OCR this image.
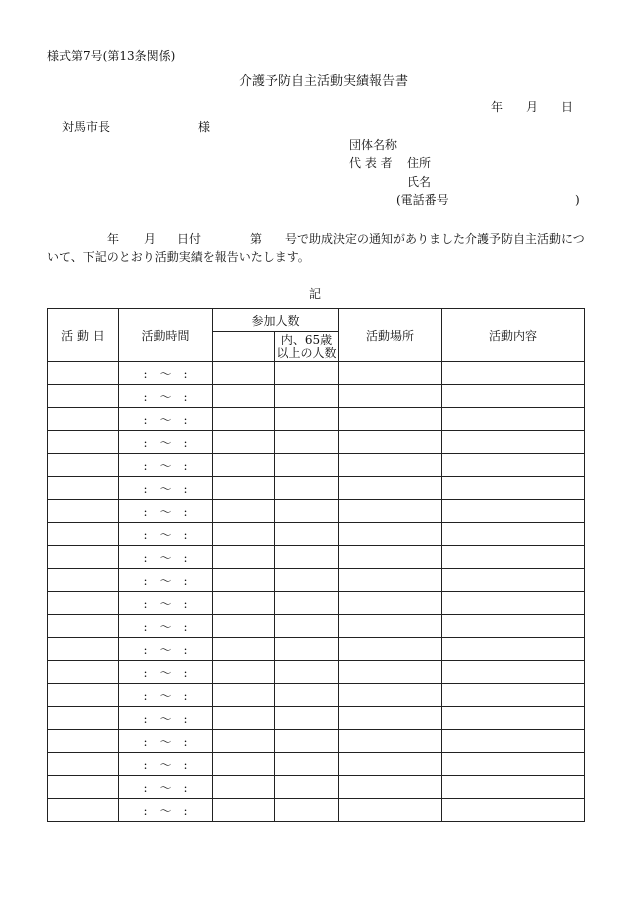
様式第7号(第13条関係)
介護予防自主活動実績報告書
年 月 日
対馬市長	様
団体名称
代 表 者 住所
氏名
(電話番号	)
年 月 日付	第 号で助成決定の通知がありました介護予防自主活動につ
いて、下記のとおり活動実績を報告いたします。
記
活 動 日	活動時間	参加人数		活動場所	活動内容
			内、65歳
以上の人数		
	: 〜 :				
	: 〜 :				
	: 〜 :				
	: 〜 :				
	: 〜 :				
	: 〜 :				
	: 〜 :				
	: 〜 :				
	: 〜 :				
	: 〜 :				
	: 〜 :				
	: 〜 :				
	: 〜 :				
	: 〜 :				
	: 〜 :				
	: 〜 :				
	: 〜 :				
	: 〜 :				
	: 〜 :				
	: 〜 :				
